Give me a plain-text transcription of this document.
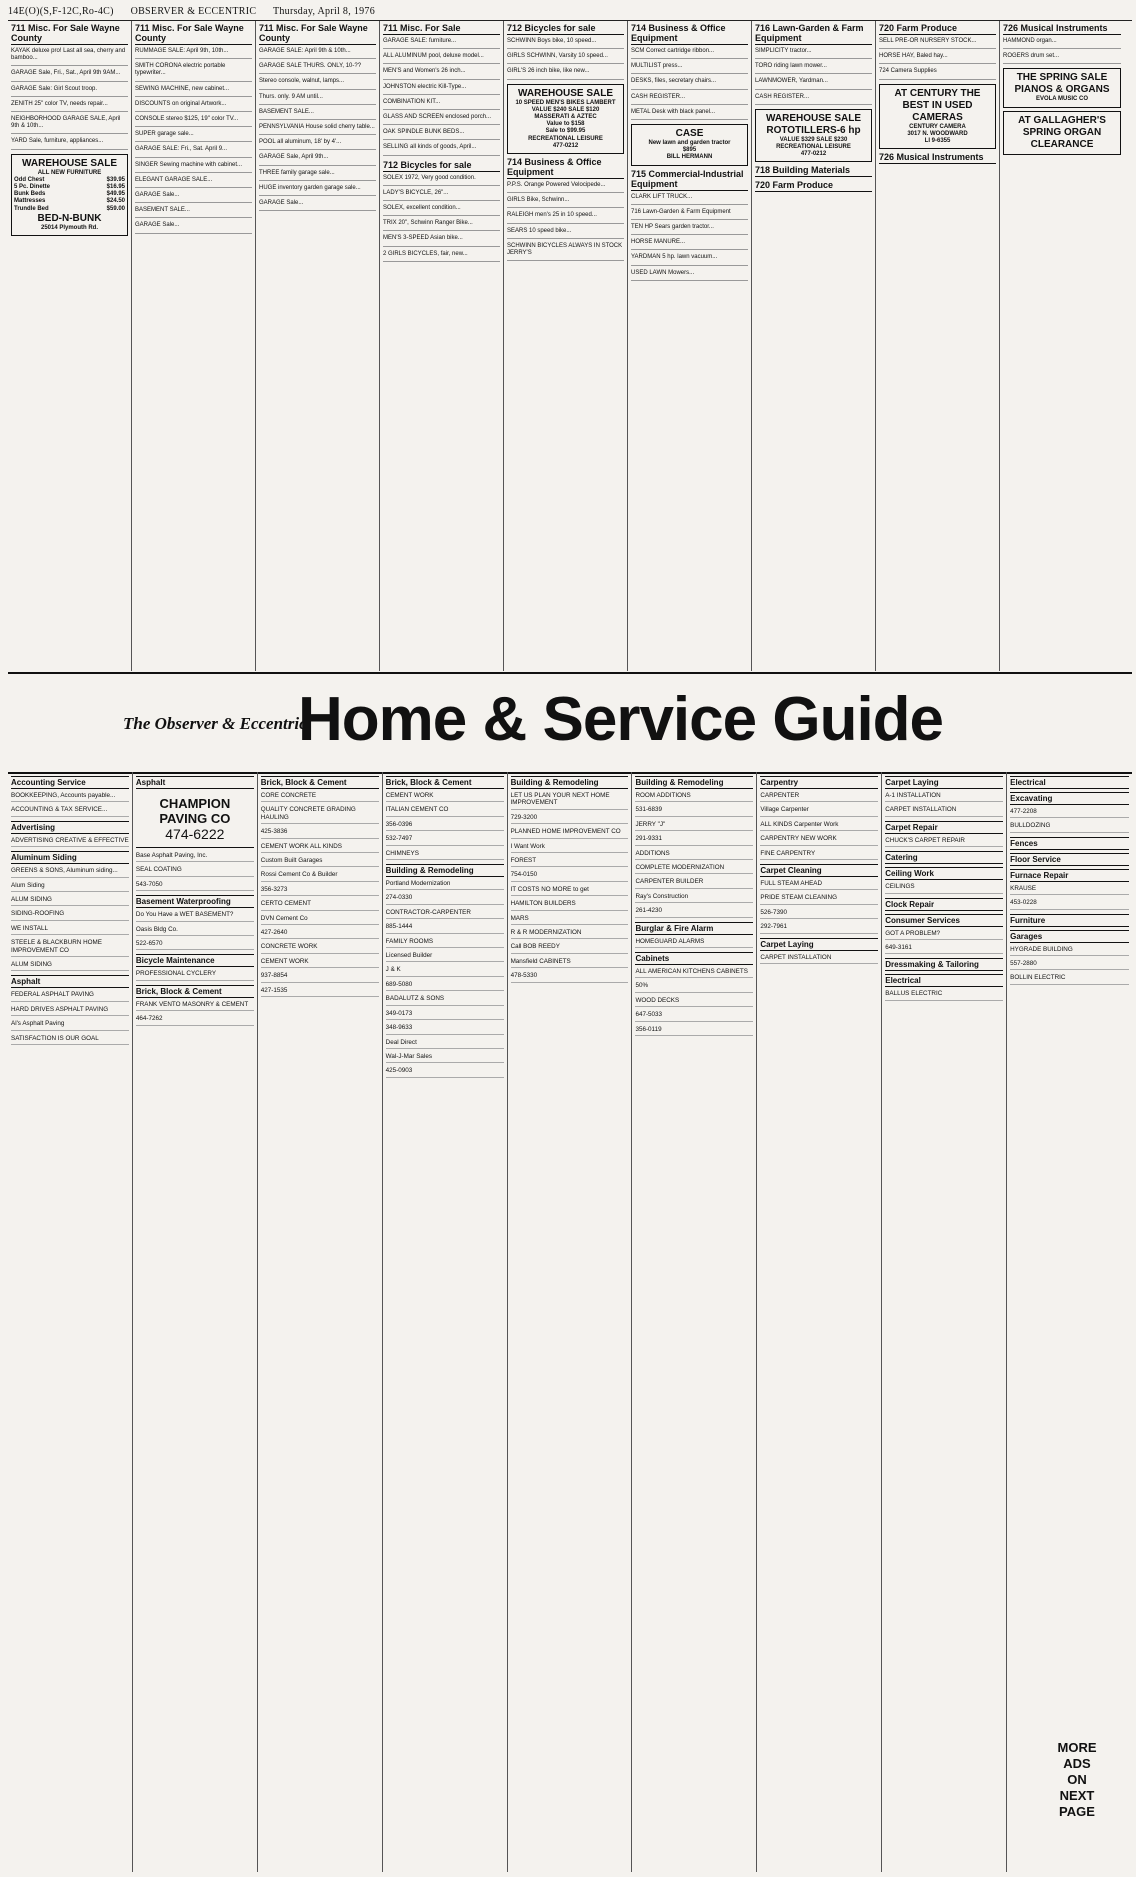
14E(O)(S,F-12C,Ro-4C) OBSERVER & ECCENTRIC Thursday, April 8, 1976
711 Misc. For Sale Wayne County
KAYAK deluxe pro! Last all sea, cherry and bamboo...
GARAGE Sale, Fri., Sat., April 9th 9AM...
GARAGE Sale: Girl Scout troop.
ZENITH 25" color TV, needs repair...
NEIGHBORHOOD GARAGE SALE, April 9th & 10th...
YARD Sale, furniture, appliances...
WAREHOUSE SALE
ALL NEW FURNITURE
Odd Chest	$39.95
5 Pc. Dinette	$16.95
Bunk Beds	$49.95
Mattresses	$24.50
Trundle Bed	$59.00
BED-N-BUNK
25014 Plymouth Rd.
711 Misc. For Sale Wayne County
RUMMAGE SALE: April 9th, 10th...
SMITH CORONA electric portable typewriter...
SEWING MACHINE, new cabinet...
DISCOUNTS on original Artwork...
CONSOLE stereo $125, 19" color TV...
SUPER garage sale...
GARAGE SALE: Fri., Sat. April 9...
SINGER Sewing machine with cabinet...
ELEGANT GARAGE SALE...
GARAGE Sale...
BASEMENT SALE...
GARAGE Sale...
711 Misc. For Sale Wayne County
GARAGE SALE: April 9th & 10th...
GARAGE SALE THURS. ONLY, 10-??
Stereo console, walnut, lamps...
Thurs. only. 9 AM until...
BASEMENT SALE...
PENNSYLVANIA House solid cherry table...
POOL all aluminum, 18' by 4'...
GARAGE Sale, April 9th...
THREE family garage sale...
HUGE inventory garden garage sale...
GARAGE Sale...
711 Misc. For Sale
GARAGE SALE: furniture...
ALL ALUMINUM pool, deluxe model...
MEN'S and Women's 26 inch...
JOHNSTON electric Kill-Type...
COMBINATION KIT...
GLASS AND SCREEN enclosed porch...
OAK SPINDLE BUNK BEDS...
SELLING all kinds of goods, April...
712 Bicycles for sale
SOLEX 1972, Very good condition.
LADY'S BICYCLE, 26"...
SOLEX, excellent condition...
TRIX 20", Schwinn Ranger Bike...
MEN'S 3-SPEED Asian bike...
2 GIRLS BICYCLES, fair, new...
712 Bicycles for sale
SCHWINN Boys bike, 10 speed...
GIRLS SCHWINN, Varsity 10 speed...
GIRL'S 26 inch bike, like new...
WAREHOUSE SALE
10 SPEED MEN'S BIKES LAMBERT
VALUE $240 SALE $120
MASSERATI & AZTEC
Value to $158
Sale to $99.95
RECREATIONAL LEISURE
477-0212
714 Business & Office Equipment
P.P.S. Orange Powered Velocipede...
GIRLS Bike, Schwinn...
RALEIGH men's 25 in 10 speed...
SEARS 10 speed bike...
SCHWINN BICYCLES ALWAYS IN STOCK JERRY'S
714 Business & Office Equipment
SCM Correct cartridge ribbon...
MULTILIST press...
DESKS, files, secretary chairs...
CASH REGISTER...
METAL Desk with black panel...
CASE
New lawn and garden tractor
$895
BILL HERMANN
715 Commercial-Industrial Equipment
CLARK LIFT TRUCK...
716 Lawn-Garden & Farm Equipment
TEN HP Sears garden tractor...
HORSE MANURE...
YARDMAN 5 hp. lawn vacuum...
USED LAWN Mowers...
716 Lawn-Garden & Farm Equipment
SIMPLICITY tractor...
TORO riding lawn mower...
LAWNMOWER, Yardman...
CASH REGISTER...
WAREHOUSE SALE ROTOTILLERS-6 hp
VALUE $329 SALE $230
RECREATIONAL LEISURE
477-0212
718 Building Materials
720 Farm Produce
720 Farm Produce
SELL PRE-OR NURSERY STOCK...
HORSE HAY, Baled hay...
724 Camera Supplies
AT CENTURY THE BEST IN USED CAMERAS
CENTURY CAMERA
3017 N. WOODWARD
LI 9-6355
726 Musical Instruments
726 Musical Instruments
HAMMOND organ...
ROGERS drum set...
THE SPRING SALE PIANOS & ORGANS
EVOLA MUSIC CO
AT GALLAGHER'S SPRING ORGAN CLEARANCE
The Observer & Eccentric
Home & Service Guide
Accounting Service
BOOKKEEPING, Accounts payable...
ACCOUNTING & TAX SERVICE...
Advertising
ADVERTISING CREATIVE & EFFECTIVE
Aluminum Siding
GREENS & SONS, Aluminum siding...
Alum Siding
ALUM SIDING
SIDING-ROOFING
WE INSTALL
STEELE & BLACKBURN HOME IMPROVEMENT CO
ALUM SIDING
Asphalt
FEDERAL ASPHALT PAVING
HARD DRIVES ASPHALT PAVING
Al's Asphalt Paving
SATISFACTION IS OUR GOAL
Asphalt
CHAMPION PAVING CO
474-6222
Base Asphalt Paving, Inc.
SEAL COATING
543-7050
Basement Waterproofing
Do You Have a WET BASEMENT?
Oasis Bldg Co.
522-6570
Bicycle Maintenance
PROFESSIONAL CYCLERY
Brick, Block & Cement
FRANK VENTO MASONRY & CEMENT
464-7262
Brick, Block & Cement
CORE CONCRETE
QUALITY CONCRETE GRADING HAULING
425-3836
CEMENT WORK ALL KINDS
Custom Built Garages
Rossi Cement Co & Builder
356-3273
CERTO CEMENT
DVN Cement Co
427-2640
CONCRETE WORK
CEMENT WORK
937-8854
427-1535
Brick, Block & Cement
CEMENT WORK
ITALIAN CEMENT CO
356-0396
532-7497
CHIMNEYS
Building & Remodeling
Portland Modernization
274-0330
CONTRACTOR-CARPENTER
885-1444
FAMILY ROOMS
Licensed Builder
J & K
689-5080
BADALUTZ & SONS
349-0173
348-9633
Deal Direct
Wal-J-Mar Sales
425-0903
Building & Remodeling
LET US PLAN YOUR NEXT HOME IMPROVEMENT
729-3200
PLANNED HOME IMPROVEMENT CO
I Want Work
FOREST
754-0150
IT COSTS NO MORE to get
HAMILTON BUILDERS
MARS
R & R MODERNIZATION
Call BOB REEDY
Mansfield CABINETS
478-5330
Building & Remodeling
ROOM ADDITIONS
531-6839
JERRY "J"
291-9331
ADDITIONS
COMPLETE MODERNIZATION
CARPENTER BUILDER
Ray's Construction
261-4230
Burglar & Fire Alarm
HOMEGUARD ALARMS
Cabinets
ALL AMERICAN KITCHENS CABINETS
50%
WOOD DECKS
647-5033
356-0119
Carpentry
CARPENTER
Village Carpenter
ALL KINDS Carpenter Work
CARPENTRY NEW WORK
FINE CARPENTRY
Carpet Cleaning
FULL STEAM AHEAD
PRIDE STEAM CLEANING
526-7390
292-7961
Carpet Laying
CARPET INSTALLATION
Carpet Laying
A-1 INSTALLATION
CARPET INSTALLATION
Carpet Repair
CHUCK'S CARPET REPAIR
Catering
Ceiling Work
CEILINGS
Clock Repair
Consumer Services
GOT A PROBLEM?
649-3161
Dressmaking & Tailoring
Electrical
BALLUS ELECTRIC
Electrical
Excavating
477-2208
BULLDOZING
Fences
Floor Service
Furnace Repair
KRAUSE
453-0228
Furniture
Garages
HYGRADE BUILDING
557-2880
BOLLIN ELECTRIC
MORE
ADS
ON
NEXT
PAGE
